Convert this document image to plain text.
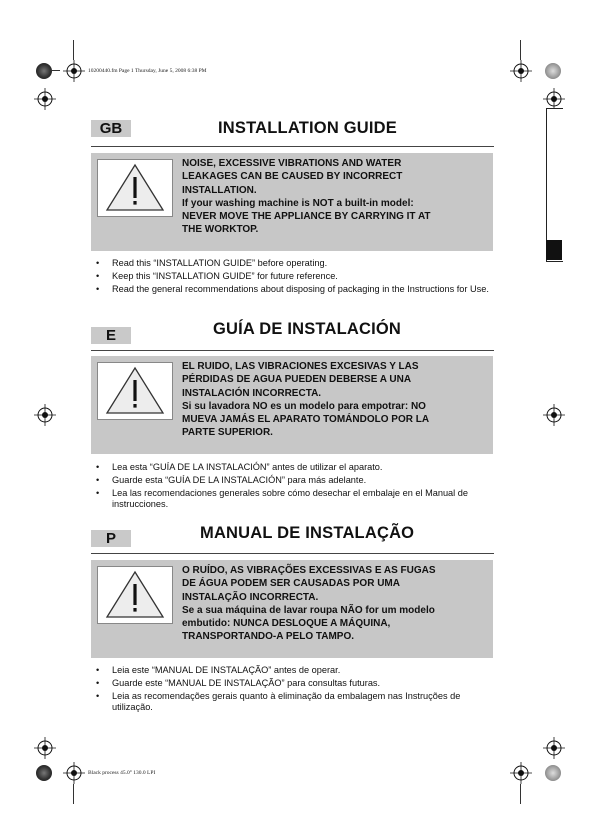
10200440.fm Page 1 Thursday, June 5, 2008 6:38 PM
Black process 45.0° 130.0 LPI
GB	INSTALLATION GUIDE
NOISE, EXCESSIVE VIBRATIONS AND WATER
LEAKAGES CAN BE CAUSED BY INCORRECT
INSTALLATION.
If your washing machine is NOT a built-in model:
NEVER MOVE THE APPLIANCE BY CARRYING IT AT
THE WORKTOP.
• Read this “INSTALLATION GUIDE” before operating.
• Keep this “INSTALLATION GUIDE” for future reference.
• Read the general recommendations about disposing of packaging in the Instructions for Use.
E	GUÍA DE INSTALACIÓN
EL RUIDO, LAS VIBRACIONES EXCESIVAS Y LAS
PÉRDIDAS DE AGUA PUEDEN DEBERSE A UNA
INSTALACIÓN INCORRECTA.
Si su lavadora NO es un modelo para empotrar: NO
MUEVA JAMÁS EL APARATO TOMÁNDOLO POR LA
PARTE SUPERIOR.
• Lea esta “GUÍA DE LA INSTALACIÓN” antes de utilizar el aparato.
• Guarde esta “GUÍA DE LA INSTALACIÓN” para más adelante.
• Lea las recomendaciones generales sobre cómo desechar el embalaje en el Manual de instrucciones.
P	MANUAL DE INSTALAÇÃO
O RUÍDO, AS VIBRAÇÕES EXCESSIVAS E AS FUGAS
DE ÁGUA PODEM SER CAUSADAS POR UMA
INSTALAÇÃO INCORRECTA.
Se a sua máquina de lavar roupa NÃO for um modelo
embutido: NUNCA DESLOQUE A MÁQUINA,
TRANSPORTANDO-A PELO TAMPO.
• Leia este “MANUAL DE INSTALAÇÃO” antes de operar.
• Guarde este “MANUAL DE INSTALAÇÃO” para consultas futuras.
• Leia as recomendações gerais quanto à eliminação da embalagem nas Instruções de utilização.
